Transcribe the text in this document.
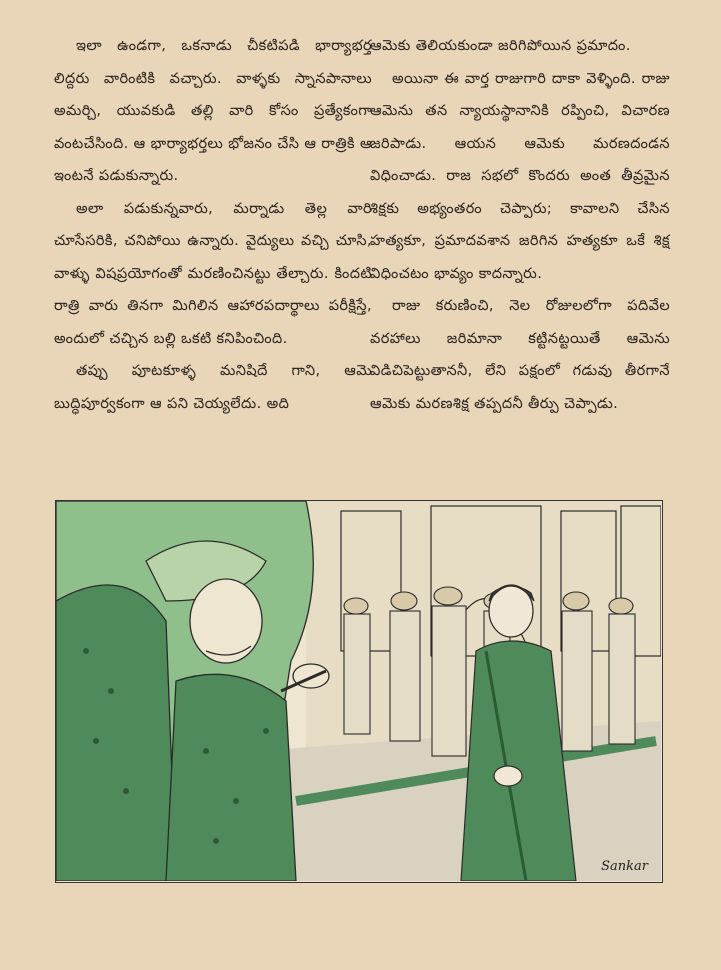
ఇలా ఉండగా, ఒకనాడు చీకటిపడి భార్యాభర్త లిద్దరు వారింటికి వచ్చారు. వాళ్ళకు స్నానపానాలు అమర్చి, యువకుడి తల్లి వారి కోసం ప్రత్యేకంగా వంటచేసింది. ఆ భార్యాభర్తలు భోజనం చేసి ఆ రాత్రికి ఆ ఇంటనే పడుకున్నారు.

అలా పడుకున్నవారు, మర్నాడు తెల్ల వారి చూసేసరికి, చనిపోయి ఉన్నారు. వైద్యులు వచ్చి చూసి, వాళ్ళు విషప్రయోగంతో మరణించినట్టు తేల్చారు. కిందటి రాత్రి వారు తినగా మిగిలిన ఆహారపదార్థాలు పరీక్షిస్తే, అందులో చచ్చిన బల్లి ఒకటి కనిపించింది.

తప్పు పూటకూళ్ళ మనిషిదే గాని, ఆమె బుద్ధిపూర్వకంగా ఆ పని చెయ్యలేదు. అది

ఆమెకు తెలియకుండా జరిగిపోయిన ప్రమాదం.

అయినా ఈ వార్త రాజుగారి దాకా వెళ్ళింది. రాజు ఆమెను తన న్యాయస్థానానికి రప్పించి, విచారణ జరిపాడు. ఆయన ఆమెకు మరణదండన విధించాడు. రాజ సభలో కొందరు అంత తీవ్రమైన శిక్షకు అభ్యంతరం చెప్పారు; కావాలని చేసిన హత్యకూ, ప్రమాదవశాన జరిగిన హత్యకూ ఒకే శిక్ష విధించటం భావ్యం కాదన్నారు.

రాజు కరుణించి, నెల రోజులలోగా పదివేల వరహాలు జరిమానా కట్టినట్టయితే ఆమెను విడిచిపెట్టుతాననీ, లేని పక్షంలో గడువు తీరగానే ఆమెకు మరణశిక్ష తప్పదనీ తీర్పు చెప్పాడు.

Sankar
